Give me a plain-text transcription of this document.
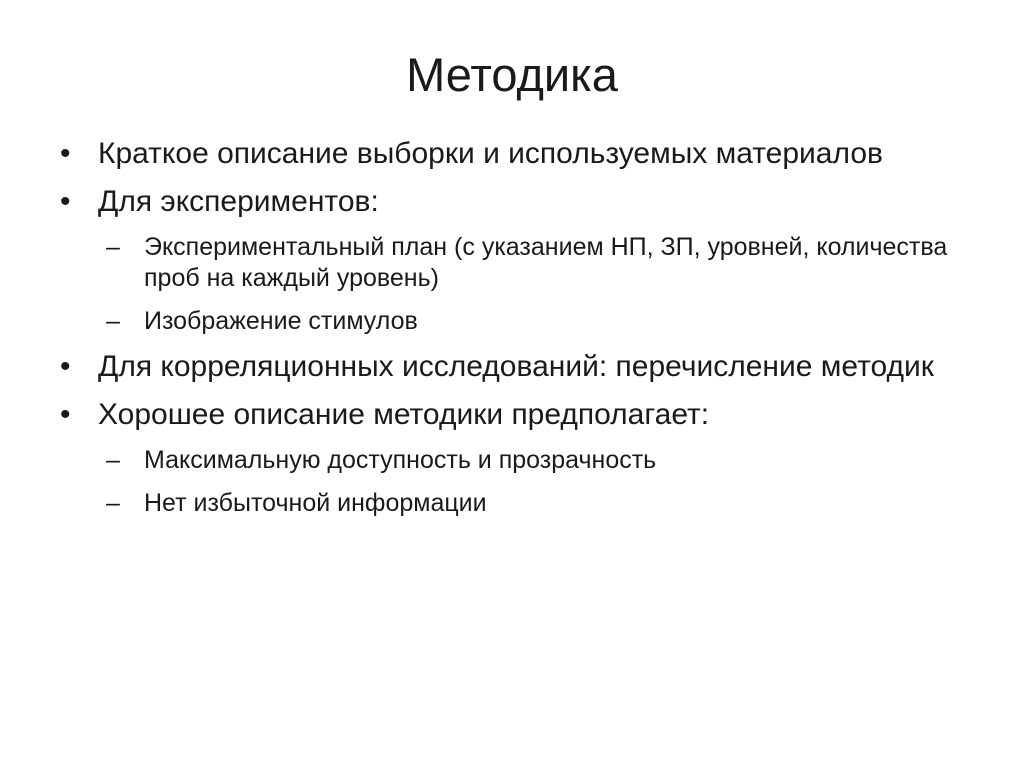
Методика
• Краткое описание выборки и используемых материалов
• Для экспериментов:
– Экспериментальный план (с указанием НП, ЗП, уровней, количества проб на каждый уровень)
– Изображение стимулов
• Для корреляционных исследований: перечисление методик
• Хорошее описание методики предполагает:
– Максимальную доступность и прозрачность
– Нет избыточной информации
